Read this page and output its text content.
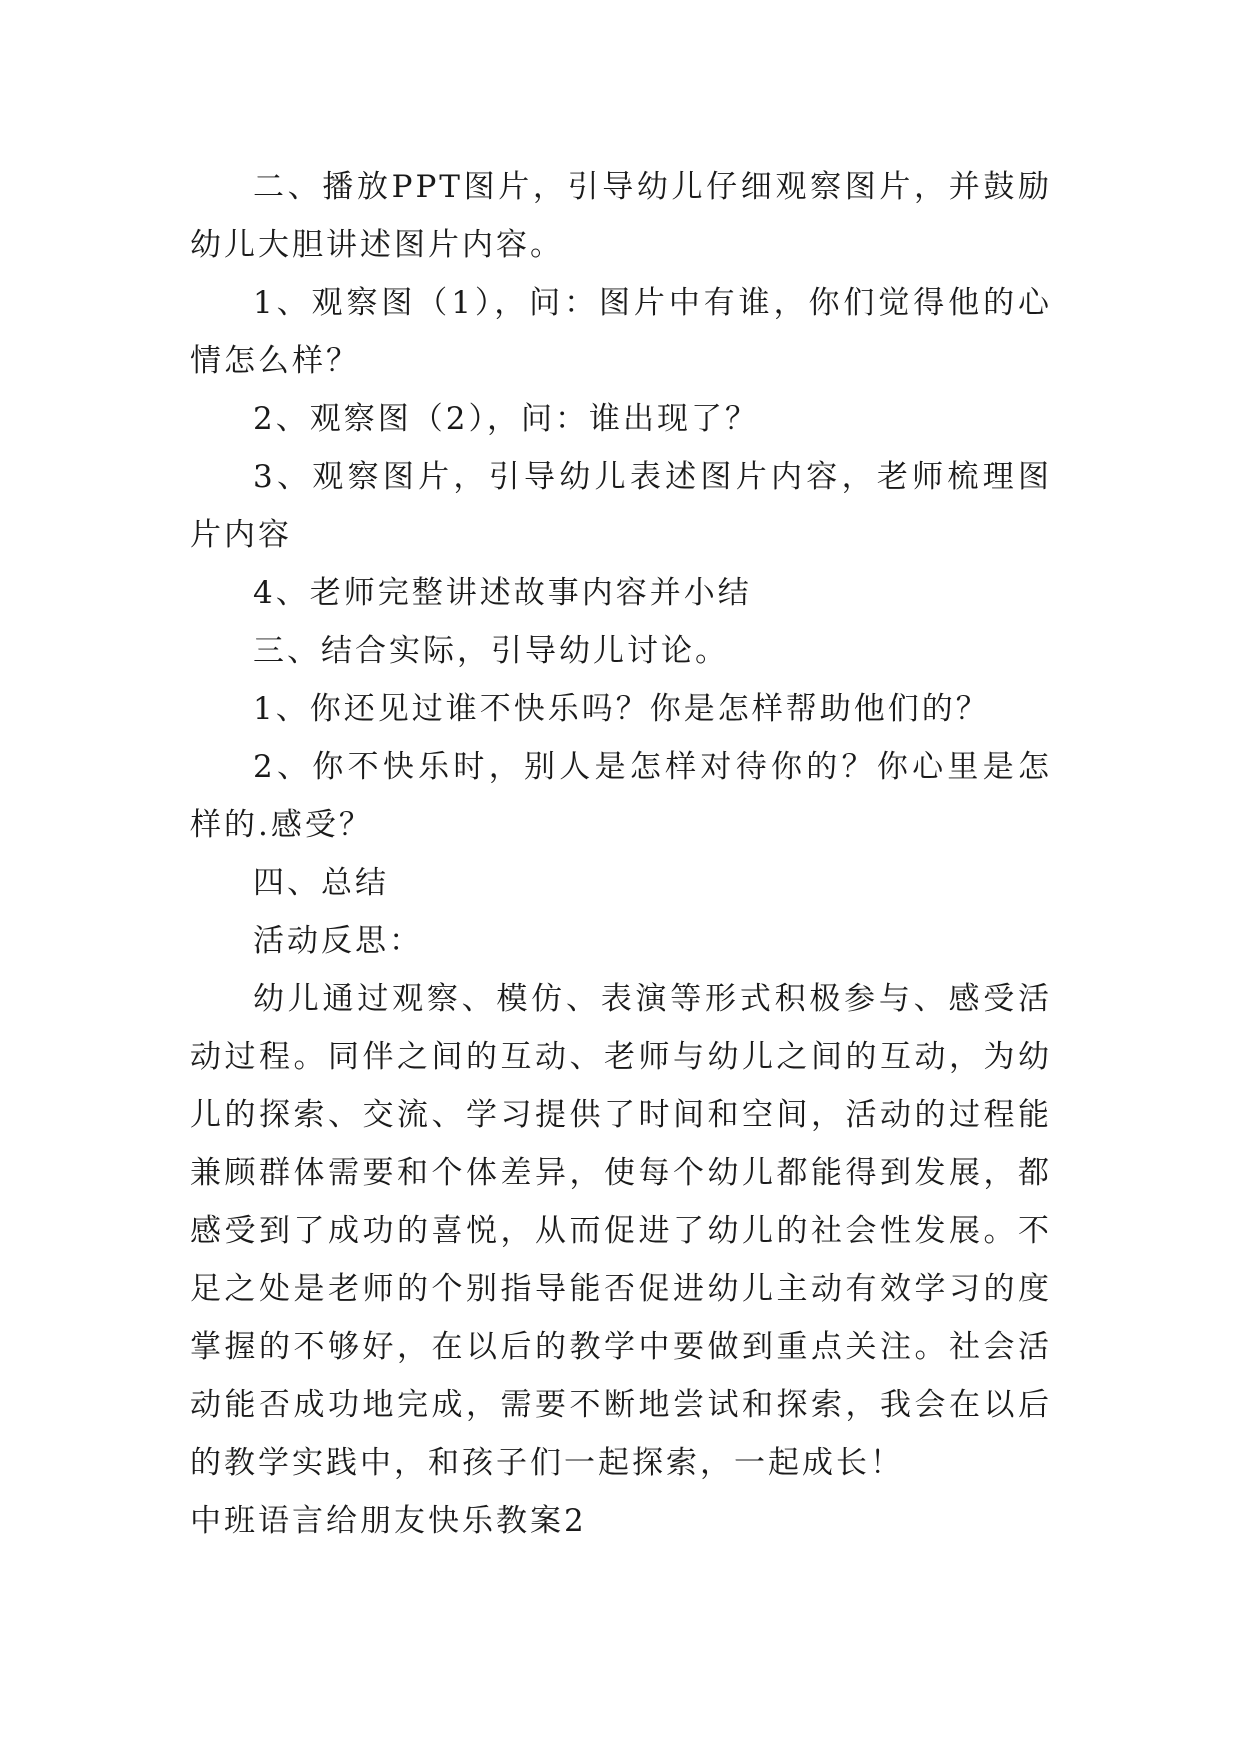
二、播放PPT图片，引导幼儿仔细观察图片，并鼓励幼儿大胆讲述图片内容。

1、观察图（1），问：图片中有谁，你们觉得他的心情怎么样？

2、观察图（2），问：谁出现了？

3、观察图片，引导幼儿表述图片内容，老师梳理图片内容

4、老师完整讲述故事内容并小结

三、结合实际，引导幼儿讨论。

1、你还见过谁不快乐吗？你是怎样帮助他们的？

2、你不快乐时，别人是怎样对待你的？你心里是怎样的.感受？

四、总结

活动反思：

幼儿通过观察、模仿、表演等形式积极参与、感受活动过程。同伴之间的互动、老师与幼儿之间的互动，为幼儿的探索、交流、学习提供了时间和空间，活动的过程能兼顾群体需要和个体差异，使每个幼儿都能得到发展，都感受到了成功的喜悦，从而促进了幼儿的社会性发展。不足之处是老师的个别指导能否促进幼儿主动有效学习的度掌握的不够好，在以后的教学中要做到重点关注。社会活动能否成功地完成，需要不断地尝试和探索，我会在以后的教学实践中，和孩子们一起探索，一起成长！

中班语言给朋友快乐教案2
